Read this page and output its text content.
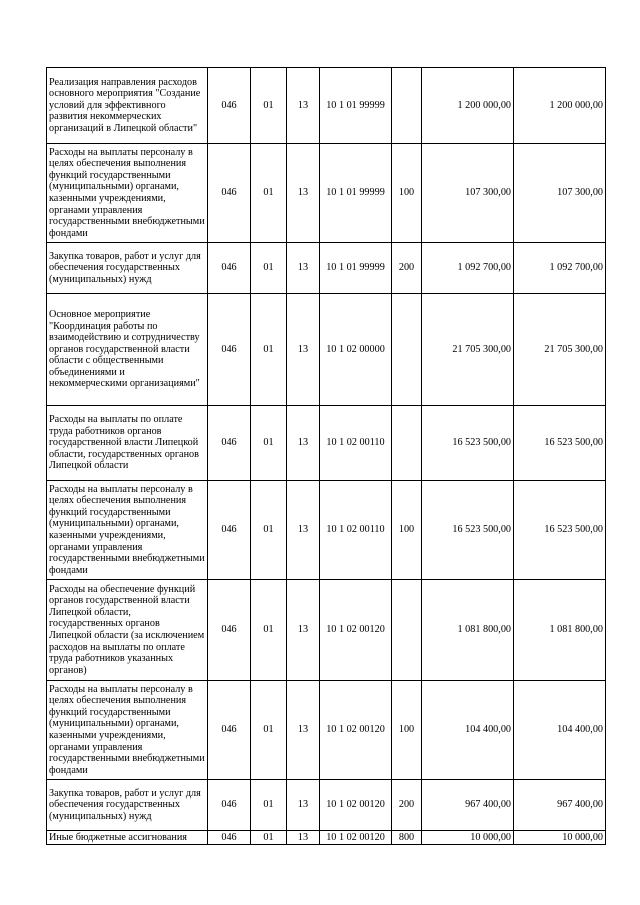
Реализация направления расходов основного мероприятия "Создание условий для эффективного развития некоммерческих организаций в Липецкой области"	046	01	13	10 1 01 99999		1 200 000,00	1 200 000,00
Расходы на выплаты персоналу в целях обеспечения выполнения функций государственными (муниципальными) органами, казенными учреждениями, органами управления государственными внебюджетными фондами	046	01	13	10 1 01 99999	100	107 300,00	107 300,00
Закупка товаров, работ и услуг для обеспечения государственных (муниципальных) нужд	046	01	13	10 1 01 99999	200	1 092 700,00	1 092 700,00
Основное мероприятие "Координация работы по взаимодействию и сотрудничеству органов государственной власти области с общественными объединениями и некоммерческими организациями"	046	01	13	10 1 02 00000		21 705 300,00	21 705 300,00
Расходы на выплаты по оплате труда работников органов государственной власти Липецкой области, государственных органов Липецкой области	046	01	13	10 1 02 00110		16 523 500,00	16 523 500,00
Расходы на выплаты персоналу в целях обеспечения выполнения функций государственными (муниципальными) органами, казенными учреждениями, органами управления государственными внебюджетными фондами	046	01	13	10 1 02 00110	100	16 523 500,00	16 523 500,00
Расходы на обеспечение функций органов государственной власти Липецкой области, государственных органов Липецкой области (за исключением расходов на выплаты по оплате труда работников указанных органов)	046	01	13	10 1 02 00120		1 081 800,00	1 081 800,00
Расходы на выплаты персоналу в целях обеспечения выполнения функций государственными (муниципальными) органами, казенными учреждениями, органами управления государственными внебюджетными фондами	046	01	13	10 1 02 00120	100	104 400,00	104 400,00
Закупка товаров, работ и услуг для обеспечения государственных (муниципальных) нужд	046	01	13	10 1 02 00120	200	967 400,00	967 400,00
Иные бюджетные ассигнования	046	01	13	10 1 02 00120	800	10 000,00	10 000,00
